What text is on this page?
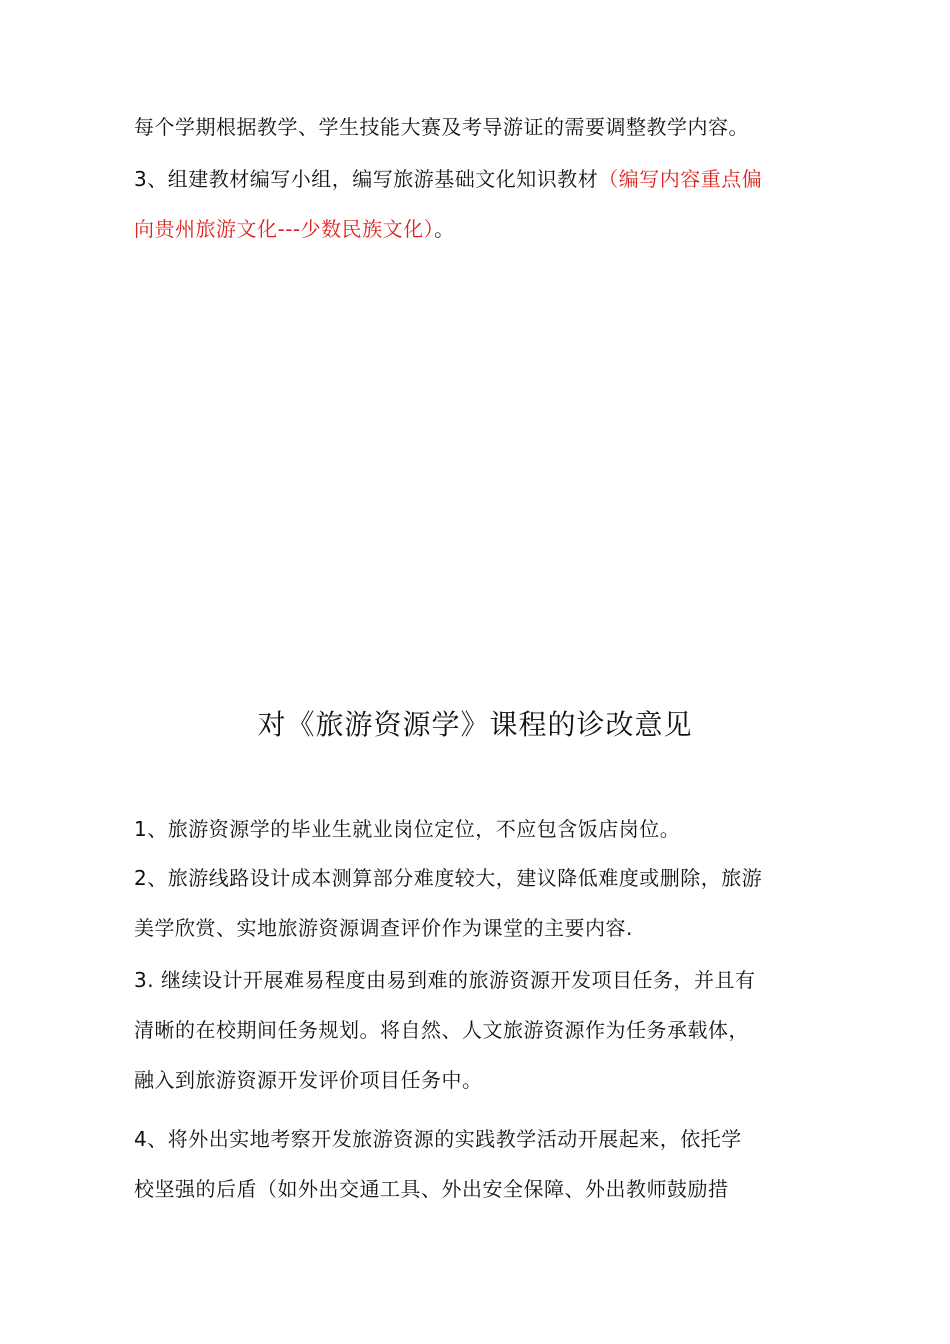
每个学期根据教学、学生技能大赛及考导游证的需要调整教学内容。
3、组建教材编写小组，编写旅游基础文化知识教材（编写内容重点偏
向贵州旅游文化---少数民族文化）。
对《旅游资源学》课程的诊改意见
1、旅游资源学的毕业生就业岗位定位，不应包含饭店岗位。
2、旅游线路设计成本测算部分难度较大，建议降低难度或删除，旅游
美学欣赏、实地旅游资源调查评价作为课堂的主要内容.
3. 继续设计开展难易程度由易到难的旅游资源开发项目任务，并且有
清晰的在校期间任务规划。将自然、人文旅游资源作为任务承载体，
融入到旅游资源开发评价项目任务中。
4、将外出实地考察开发旅游资源的实践教学活动开展起来，依托学
校坚强的后盾（如外出交通工具、外出安全保障、外出教师鼓励措
